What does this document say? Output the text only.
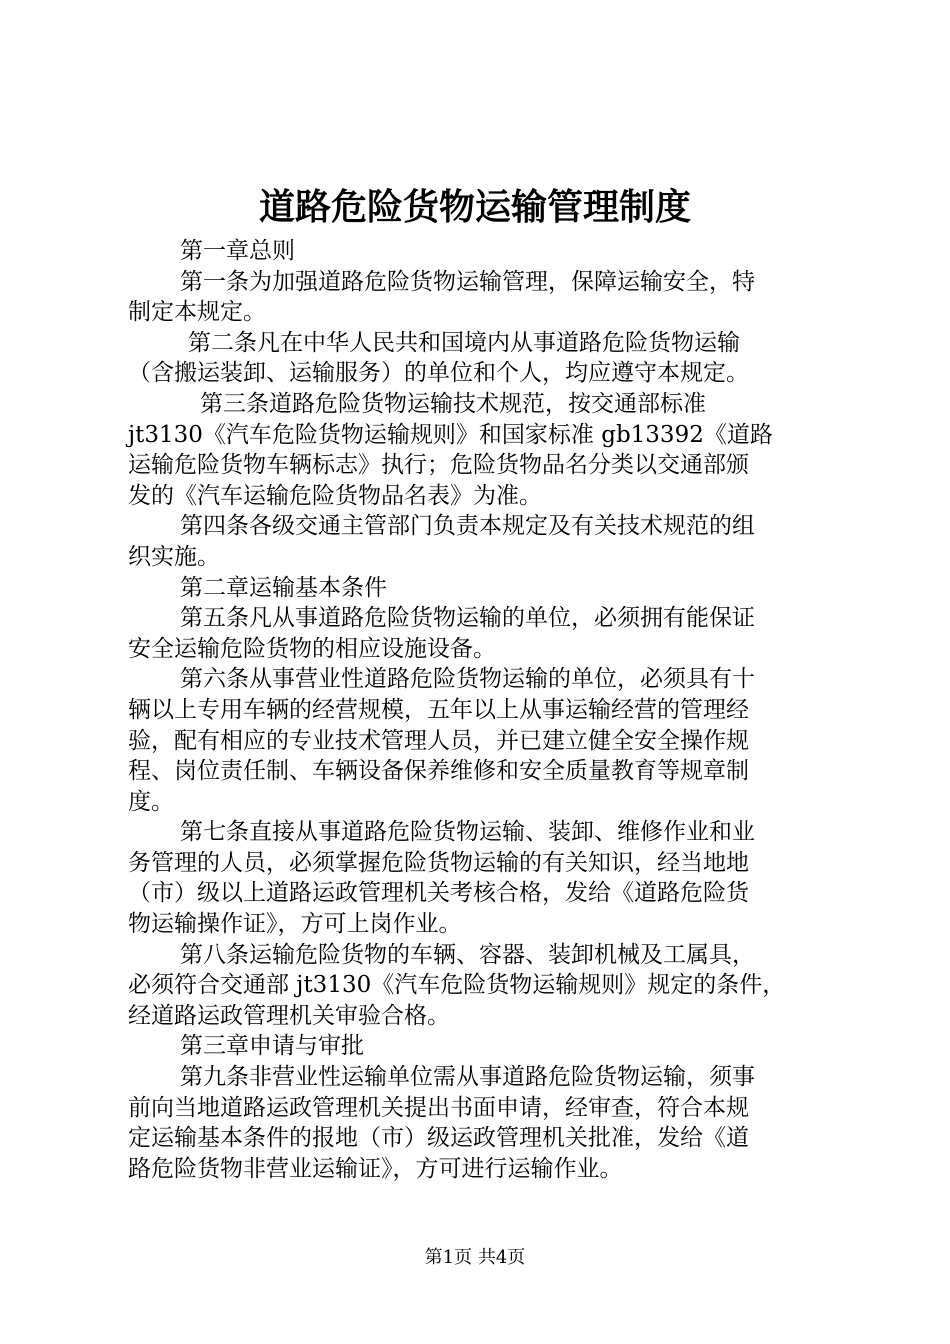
道路危险货物运输管理制度
第一章总则
第一条为加强道路危险货物运输管理，保障运输安全，特
制定本规定。
第二条凡在中华人民共和国境内从事道路危险货物运输
（含搬运装卸、运输服务）的单位和个人，均应遵守本规定。
第三条道路危险货物运输技术规范，按交通部标准
jt3130《汽车危险货物运输规则》和国家标准 gb13392《道路
运输危险货物车辆标志》执行；危险货物品名分类以交通部颁
发的《汽车运输危险货物品名表》为准。
第四条各级交通主管部门负责本规定及有关技术规范的组
织实施。
第二章运输基本条件
第五条凡从事道路危险货物运输的单位，必须拥有能保证
安全运输危险货物的相应设施设备。
第六条从事营业性道路危险货物运输的单位，必须具有十
辆以上专用车辆的经营规模，五年以上从事运输经营的管理经
验，配有相应的专业技术管理人员，并已建立健全安全操作规
程、岗位责任制、车辆设备保养维修和安全质量教育等规章制
度。
第七条直接从事道路危险货物运输、装卸、维修作业和业
务管理的人员，必须掌握危险货物运输的有关知识，经当地地
（市）级以上道路运政管理机关考核合格，发给《道路危险货
物运输操作证》，方可上岗作业。
第八条运输危险货物的车辆、容器、装卸机械及工属具，
必须符合交通部 jt3130《汽车危险货物运输规则》规定的条件，
经道路运政管理机关审验合格。
第三章申请与审批
第九条非营业性运输单位需从事道路危险货物运输，须事
前向当地道路运政管理机关提出书面申请，经审查，符合本规
定运输基本条件的报地（市）级运政管理机关批准，发给《道
路危险货物非营业运输证》，方可进行运输作业。
第1页 共4页
